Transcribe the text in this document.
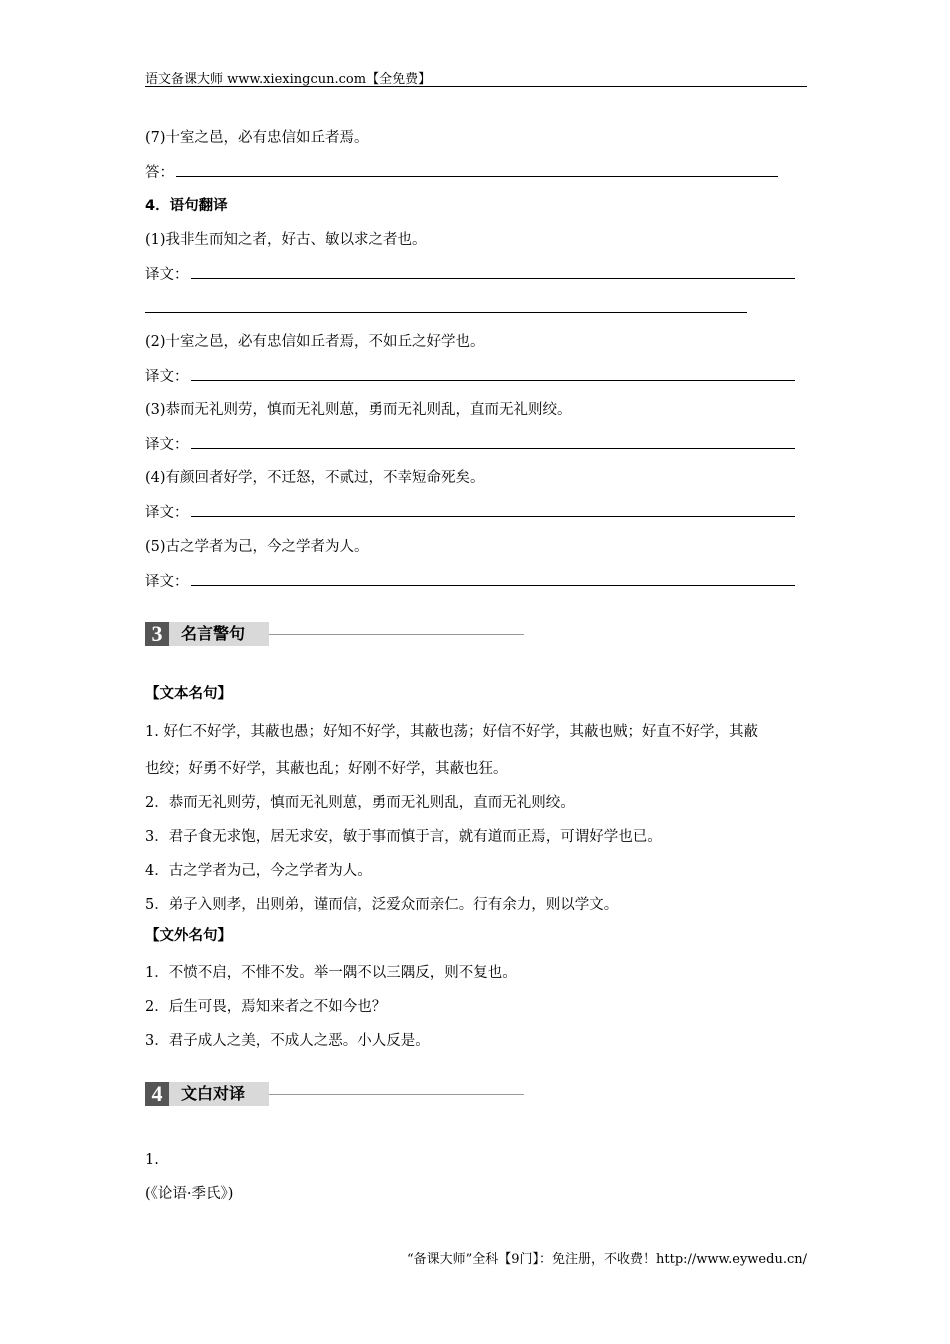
语文备课大师 www.xiexingcun.com【全免费】
(7)十室之邑，必有忠信如丘者焉。
答：
4．语句翻译
(1)我非生而知之者，好古、敏以求之者也。
译文：
(2)十室之邑，必有忠信如丘者焉，不如丘之好学也。
译文：
(3)恭而无礼则劳，慎而无礼则葸，勇而无礼则乱，直而无礼则绞。
译文：
(4)有颜回者好学，不迁怒，不贰过，不幸短命死矣。
译文：
(5)古之学者为己，今之学者为人。
译文：
3	名言警句
【文本名句】
1. 好仁不好学，其蔽也愚；好知不好学，其蔽也荡；好信不好学，其蔽也贼；好直不好学，其蔽
也绞；好勇不好学，其蔽也乱；好刚不好学，其蔽也狂。
2．恭而无礼则劳，慎而无礼则葸，勇而无礼则乱，直而无礼则绞。
3．君子食无求饱，居无求安，敏于事而慎于言，就有道而正焉，可谓好学也已。
4．古之学者为己，今之学者为人。
5．弟子入则孝，出则弟，谨而信，泛爱众而亲仁。行有余力，则以学文。
【文外名句】
1．不愤不启，不悱不发。举一隅不以三隅反，则不复也。
2．后生可畏，焉知来者之不如今也？
3．君子成人之美，不成人之恶。小人反是。
4	文白对译
1.
(《论语·季氏》)
“备课大师”全科【9门】：免注册，不收费！http://www.eywedu.cn/
